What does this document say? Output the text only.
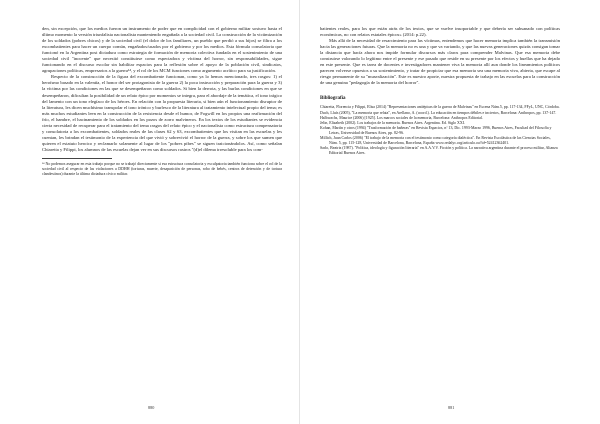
den, sin excepción, que los medios fueron un instrumento de poder que en complicidad con el gobierno militar sostuvo hasta el último momento la versión triunfalista nacionalista manteniendo engañada a la sociedad civil. La construcción de la victimización de los soldados (pobres chicos) y de la sociedad civil (el dolor de los familiares, un pueblo que perdió a sus hijos) se filtra a los excombatientes para hacer un cuerpo común, engañados/usados por el gobierno y por los medios. Esta fórmula consolatoria que funcionó en la Argentina post dictadura como estrategia de formación de memoria colectiva fundada en el sostenimiento de una sociedad civil "inocente" que necesitó constituirse como espectadora y víctima del horror, sin responsabilidades, sigue funcionando en el discurso escolar sin habilitar espacios para la reflexión sobre el apoyo de la población civil, sindicatos, agrupaciones políticas, empresarios a la guerra¹⁴, y el rol de los MCM funciones como argumento acrítico para su justificación.

Respecto de la construcción de la figura del excombatiente funcionan, como ya lo hemos mencionado, tres rasgos: 1) el heroísmo basado en la valentía, el honor del ser protagonista de la guerra 2) la poca instrucción y preparación para la guerra y 3) la víctima por las condiciones en las que se desempeñaron como soldados. Si bien la derrota, y las burlas condiciones en que se desempeñaron, dificultan la posibilidad de un relato épico por momentos se integra, para el abordaje de la temática, el tono trágico del lamento con un tono elegíaco de los héroes. En relación con la propuesta literaria, si bien aún el funcionamiento disruptor de la literatura, les dicen muchísimo transpolar el tono irónico y burlesco de la literatura al tratamiento intelectual propio del tema; es más muchos estudiantes leen en la construcción de la resistencia desde el humor, de Fogwill en los propios una reafirmación del frío, el hambre, el hacinamiento de los soldados en los pozos de zorro malvineros. En los textos de los estudiantes se evidencia cierta necesidad de recuperar para el tratamiento del tema rasgos del relato épico y el nacionalista como estructura compensatoria y consolatoria a los excombatientes, soldados reales de las clases 62 y 63, excombatientes que los visitan en las escuelas y les cuentan, les brindan el testimonio de la experiencia del que vivió y sobrevivió el horror de la guerra, y sobre los que sumen que quieren el estatuto heroico y reclamarlo solamente al lugar de los "pobres pibes" se siguen traicionándolos. Así, como señalan Chiaretta y Filippi, los alumnos de las escuelas dejan ver en sus discursos rastros "(d)el dilema irresoluble para los com-

¹⁴ No podemos asegurar en esta trabajo porque no se trabajó directamente si esa estructura consolatoria y exculpatoria también funciona sobre el rol de la sociedad civil al respecto de las violaciones a DDHH (torturas, muerte, desaparición de personas, robo de bebés, centros de detención y de tortura clandestinos) durante la última dictadura cívico militar.

batientes reales, para los que están atrás de los textos, que se vuelve insoportable y que debería ser subsanado con políticas económicas, no con relatos estatales épicos» (2014: p.22).

Más allá de la necesidad de resarcimiento para las víctimas, entendemos que hacer memoria implica también la transmisión hacia las generaciones futuras. Que la memoria no es una y que va variando, y que las nuevas generaciones quizás consigan tomar la distancia que hacía ahora nos impide formular discursos más claros para comprender Malvinas. Que esa memoria debe construirse valorando lo legítimo entre el presente y ese pasado que reside en su presente por los efectos y huellas que ha dejado en este presente. Que es tarea de docentes e investigadores mantener viva la memoria allí aun donde los lineamientos políticos parecen volverse opuestos a su sostenimiento, y tratar de propiciar que esa memoria sea una memoria viva, abierta, que escape al riesgo permanente de su "musealización". Este es nuestro aporte, nuestra propuesta de trabajo en las escuelas para la construcción de una genuina "pedagogía de la memoria del horror".

Bibliografía

Chiaretta, Florencia y Filippi, Elisa (2014) "Representaciones antiépicas de la guerra de Malvinas" en Escena Núm.5, pp. 117-134, FFyL, UNC, Córdoba.

Duch, Lluís (2005), "La memoria que relata", en Arellano, A. (coord.). La educación en tiempos débiles e inciertos, Barcelona: Anthropos, pp. 137-147.

Halbwachs, Maurice (2006) [1925]. Los marcos sociales de la memoria, Barcelona: Anthropos Editorial.

Jelin, Elizabeth (2002). Los trabajos de la memoria. Buenos Aires. Argentina. Ed. Siglo XXI.

Kohan, Martín y otros (1994) "Trasformación de bañeras" en Revista Espacios, nº 13, Dic. 1993-Marzo 1996, Buenos Aires, Facultad del Filosofía y Letras, Universidad de Buenos Aires, pp. 82-96.

Millich, Juan Carlos (2006) "El trabajo de la memoria con el testimonio como categoría dialéctica". En Revista Escolástica de las Ciencias Sociales, Núm. 5, pp. 115-128, Universidad de Barcelona, Barcelona, España www.redalyc.org/articulo.oa?id=52412362401.

Sarlo, Beatriz (1987). "Política, ideología y figuración literaria" en A.A.V.V. Ficción y política. La narrativa argentina durante el proceso militar, Alianza Editorial Buenos Aires.

880	881
